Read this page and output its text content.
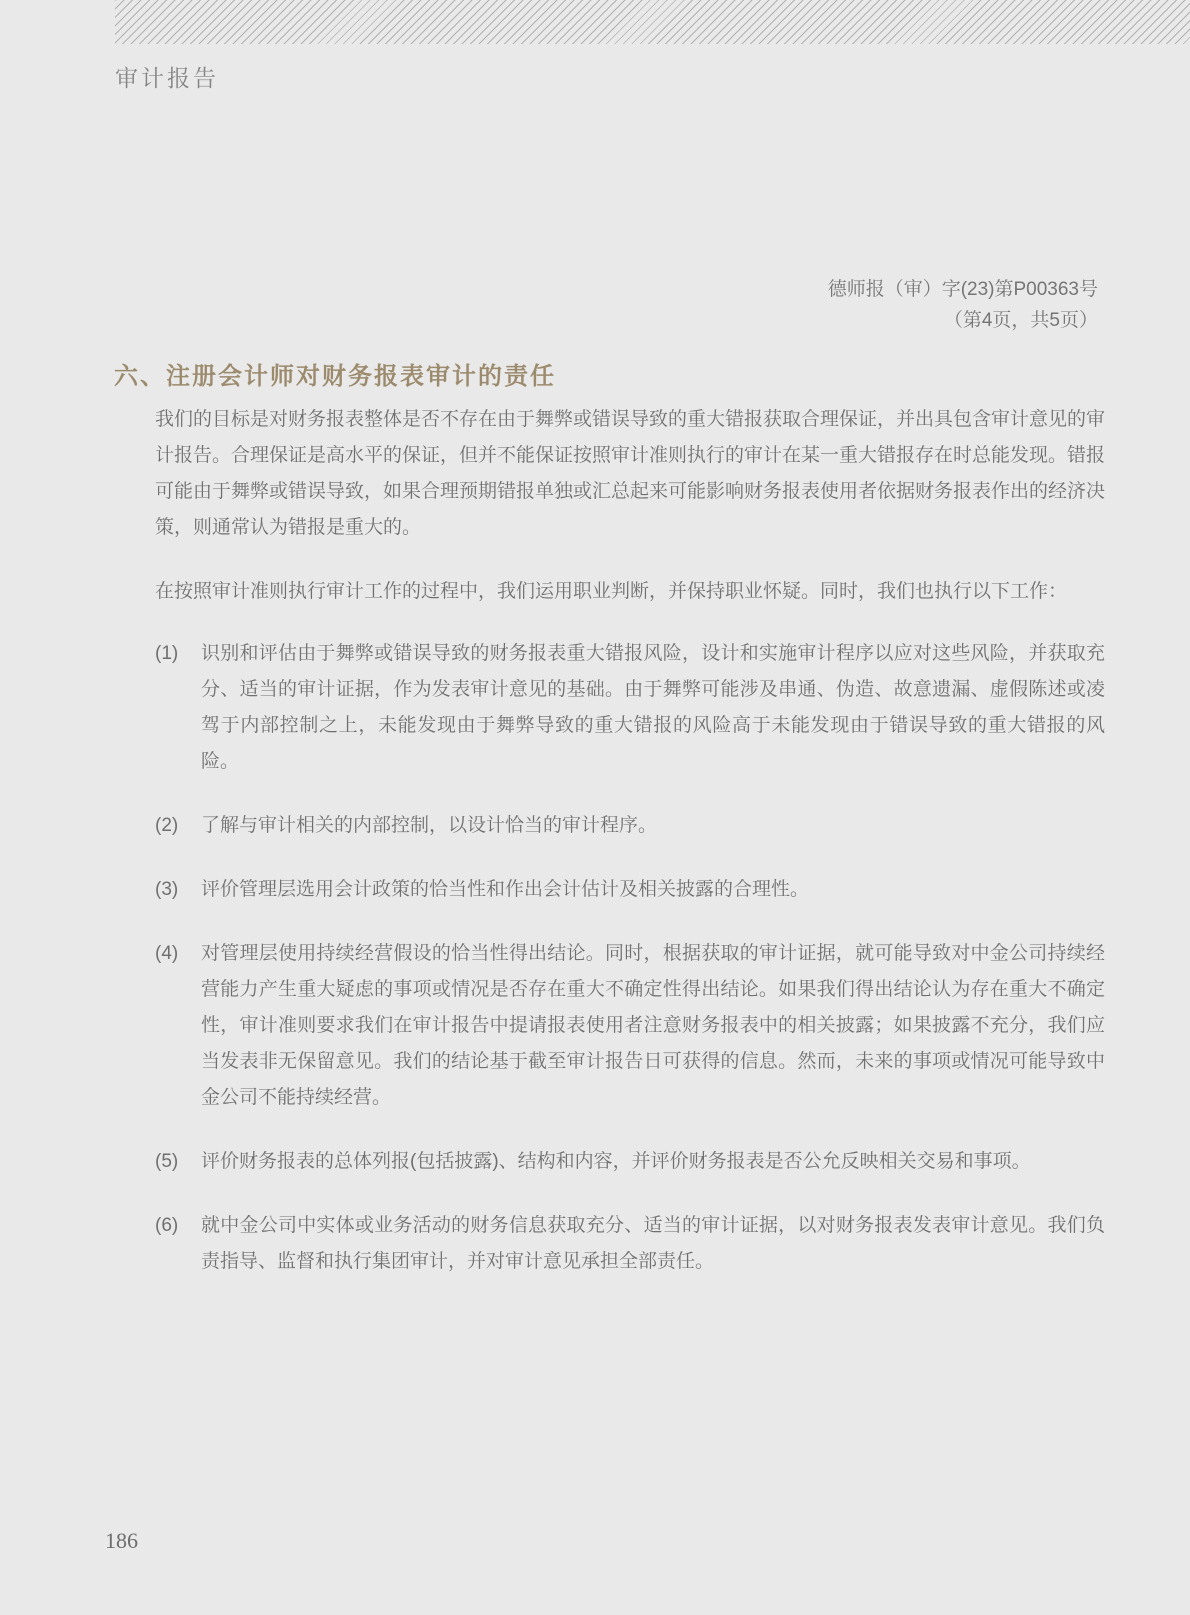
审计报告
德师报（审）字(23)第P00363号
（第4页，共5页）
六、注册会计师对财务报表审计的责任

我们的目标是对财务报表整体是否不存在由于舞弊或错误导致的重大错报获取合理保证，并出具包含审计意见的审计报告。合理保证是高水平的保证，但并不能保证按照审计准则执行的审计在某一重大错报存在时总能发现。错报可能由于舞弊或错误导致，如果合理预期错报单独或汇总起来可能影响财务报表使用者依据财务报表作出的经济决策，则通常认为错报是重大的。

在按照审计准则执行审计工作的过程中，我们运用职业判断，并保持职业怀疑。同时，我们也执行以下工作：

(1)	识别和评估由于舞弊或错误导致的财务报表重大错报风险，设计和实施审计程序以应对这些风险，并获取充分、适当的审计证据，作为发表审计意见的基础。由于舞弊可能涉及串通、伪造、故意遗漏、虚假陈述或凌驾于内部控制之上，未能发现由于舞弊导致的重大错报的风险高于未能发现由于错误导致的重大错报的风险。
(2)	了解与审计相关的内部控制，以设计恰当的审计程序。
(3)	评价管理层选用会计政策的恰当性和作出会计估计及相关披露的合理性。
(4)	对管理层使用持续经营假设的恰当性得出结论。同时，根据获取的审计证据，就可能导致对中金公司持续经营能力产生重大疑虑的事项或情况是否存在重大不确定性得出结论。如果我们得出结论认为存在重大不确定性，审计准则要求我们在审计报告中提请报表使用者注意财务报表中的相关披露；如果披露不充分，我们应当发表非无保留意见。我们的结论基于截至审计报告日可获得的信息。然而，未来的事项或情况可能导致中金公司不能持续经营。
(5)	评价财务报表的总体列报(包括披露)、结构和内容，并评价财务报表是否公允反映相关交易和事项。
(6)	就中金公司中实体或业务活动的财务信息获取充分、适当的审计证据，以对财务报表发表审计意见。我们负责指导、监督和执行集团审计，并对审计意见承担全部责任。
186
